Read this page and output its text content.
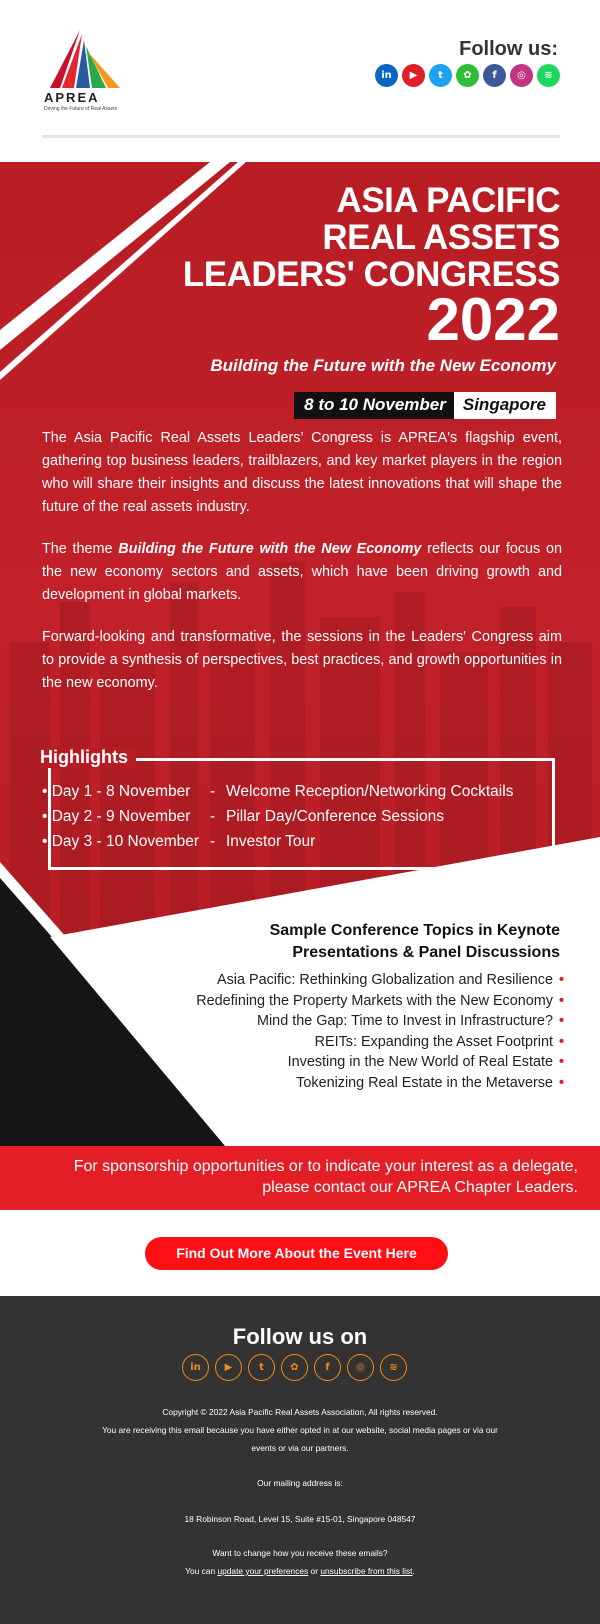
APREA
Driving the Future of Real Assets
Follow us:
in	▶	t	✿	f	◎	≋
ASIA PACIFIC
REAL ASSETS
LEADERS' CONGRESS
2022
Building the Future with the New Economy
8 to 10 November	Singapore

The Asia Pacific Real Assets Leaders’ Congress is APREA's flagship event, gathering top business leaders, trailblazers, and key market players in the region who will share their insights and discuss the latest innovations that will shape the future of the real assets industry.

The theme Building the Future with the New Economy reflects our focus on the new economy sectors and assets, which have been driving growth and development in global markets.

Forward-looking and transformative, the sessions in the Leaders' Congress aim to provide a synthesis of perspectives, best practices, and growth opportunities in the new economy.

Highlights
• Day 1 - 8 November	- Welcome Reception/Networking Cocktails
• Day 2 - 9 November	- Pillar Day/Conference Sessions
• Day 3 - 10 November - Investor Tour
Sample Conference Topics in Keynote
Presentations & Panel Discussions
Asia Pacific: Rethinking Globalization and Resilience •
Redefining the Property Markets with the New Economy •
Mind the Gap: Time to Invest in Infrastructure? •
REITs: Expanding the Asset Footprint •
Investing in the New World of Real Estate •
Tokenizing Real Estate in the Metaverse •
For sponsorship opportunities or to indicate your interest as a delegate,
please contact our APREA Chapter Leaders.
Find Out More About the Event Here
Follow us on
in	▶	t	✿	f	◎	≋
Copyright © 2022 Asia Pacific Real Assets Association, All rights reserved.
You are receiving this email because you have either opted in at our website, social media pages or via our
events or via our partners.
Our mailing address is:
18 Robinson Road, Level 15, Suite #15-01, Singapore 048547
Want to change how you receive these emails?
You can update your preferences or unsubscribe from this list.
